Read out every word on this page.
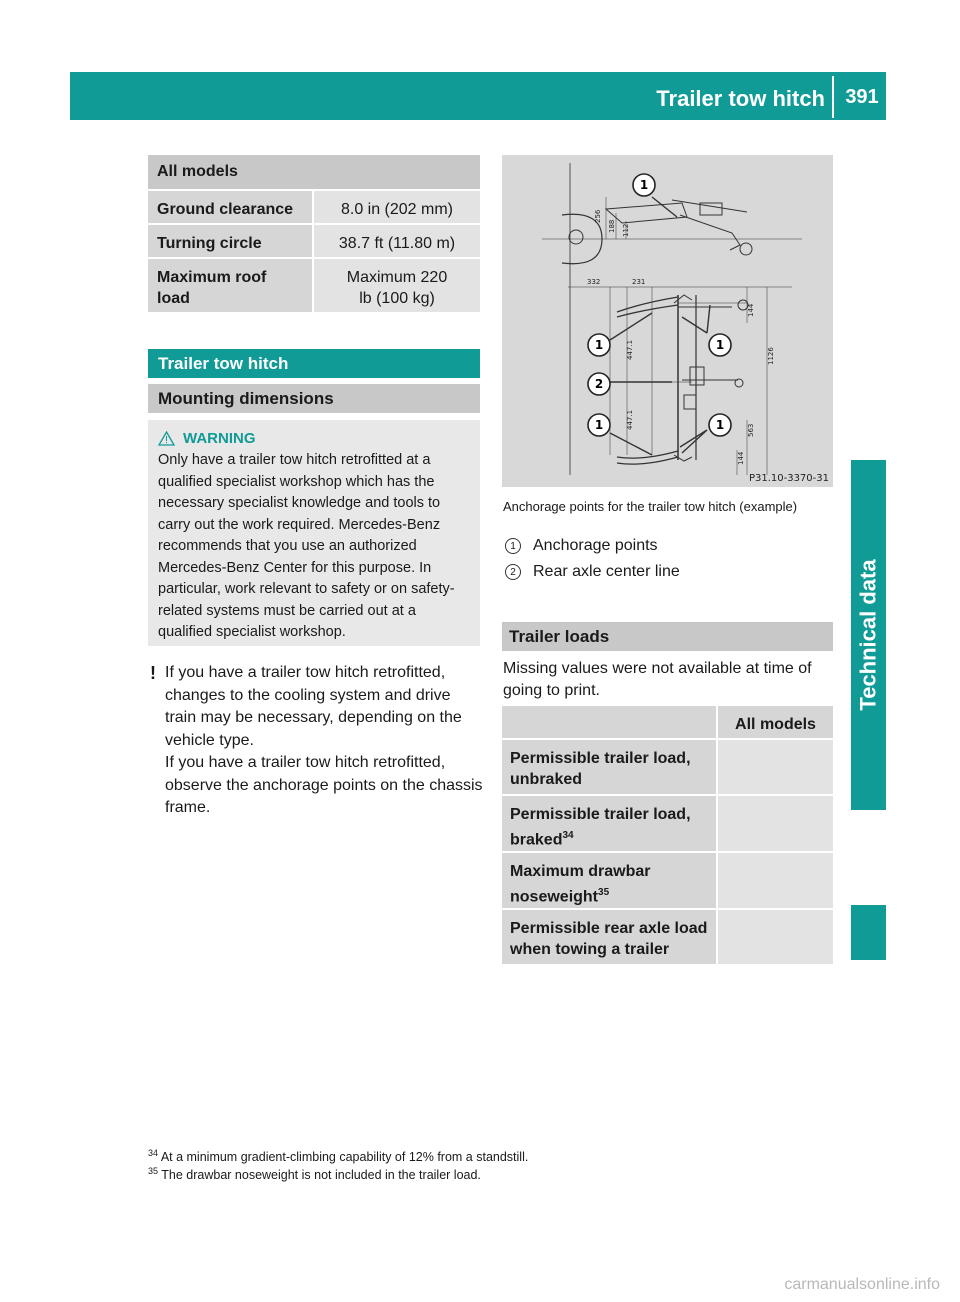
Trailer tow hitch 391
Technical data
All models
Ground clearance	8.0 in (202 mm)
Turning circle	38.7 ft (11.80 m)
Maximum roof load
Maximum 220 lb (100 kg)
Trailer tow hitch
Mounting dimensions
WARNING
Only have a trailer tow hitch retrofitted at a qualified specialist workshop which has the necessary specialist knowledge and tools to carry out the work required. Mercedes-Benz recommends that you use an authorized Mercedes-Benz Center for this purpose. In particular, work relevant to safety or on safety-related systems must be carried out at a qualified specialist workshop.
! If you have a trailer tow hitch retrofitted, changes to the cooling system and drive train may be necessary, depending on the vehicle type.

If you have a trailer tow hitch retrofitted, observe the anchorage points on the chassis frame.

256
188 112
332	231
144
1126
447.1
447.1
563
144
1
1	1
2
1	1
P31.10-3370-31
Anchorage points for the trailer tow hitch (example)
1	Anchorage points
2	Rear axle center line
Trailer loads
Missing values were not available at time of going to print.
All models
Permissible trailer load, unbraked
Permissible trailer load, braked$^{34}$
Maximum drawbar noseweight$^{35}$
Permissible rear axle load when towing a trailer
$^{34}$ At a minimum gradient-climbing capability of 12% from a standstill.
$^{35}$ The drawbar noseweight is not included in the trailer load.
carmanualsonline.info
